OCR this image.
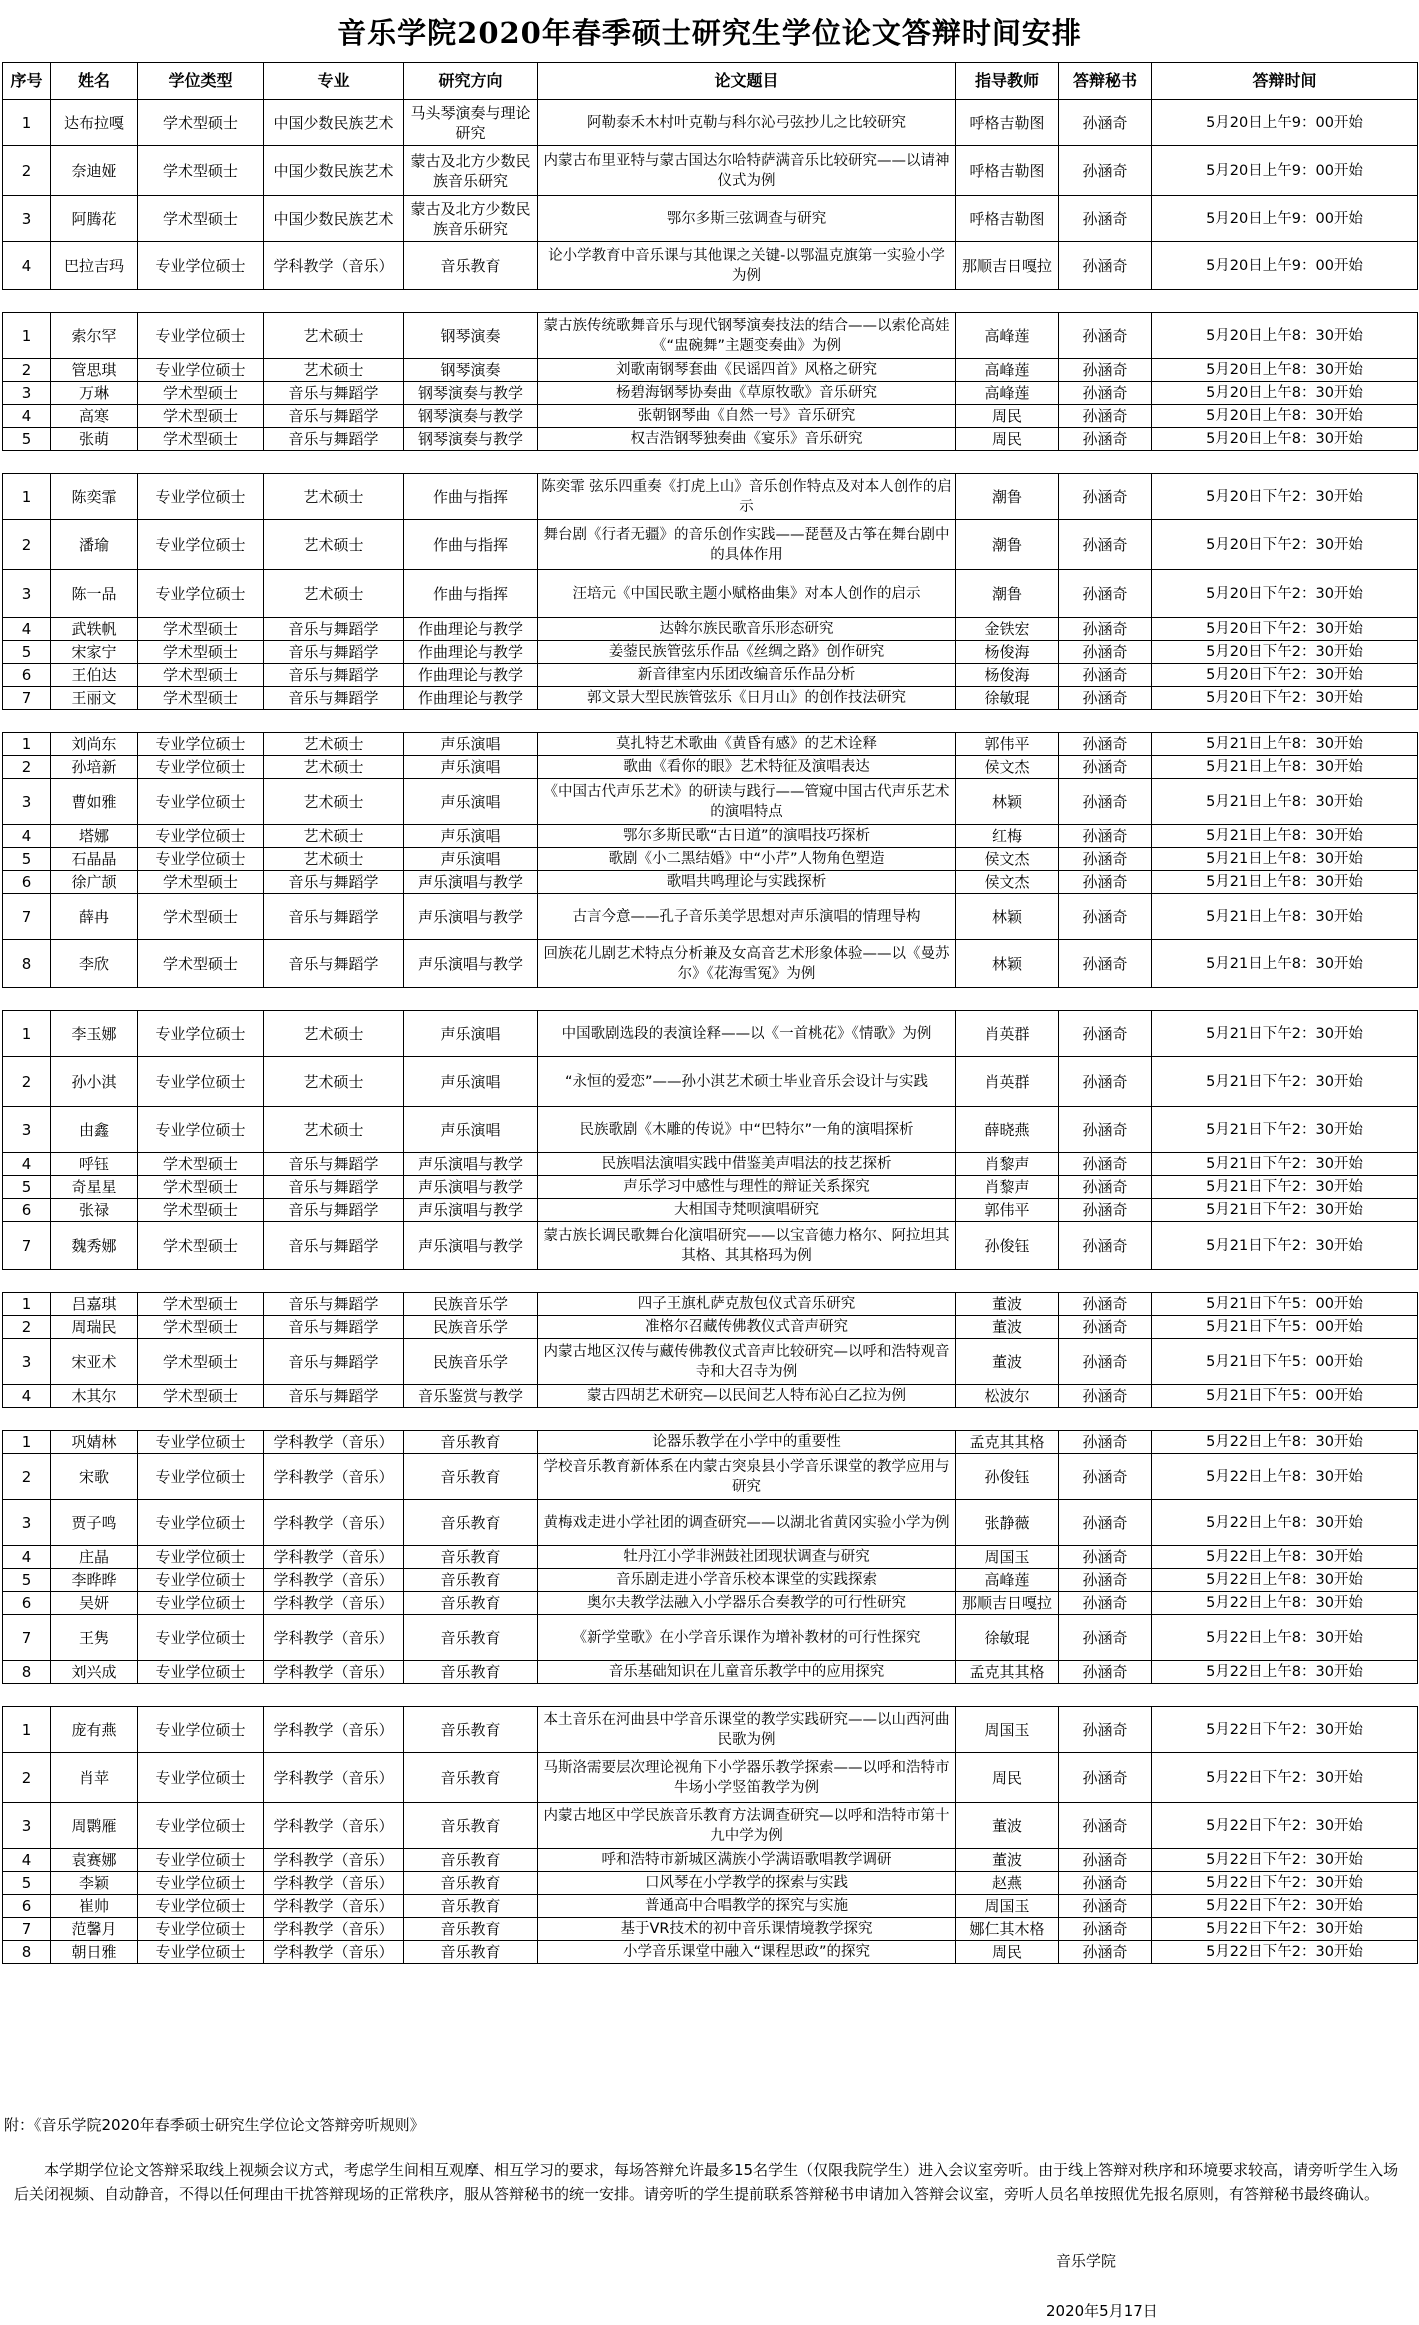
音乐学院2020年春季硕士研究生学位论文答辩时间安排
序号	姓名	学位类型	专业	研究方向	论文题目	指导教师	答辩秘书	答辩时间
1	达布拉嘎	学术型硕士	中国少数民族艺术	马头琴演奏与理论研究	阿勒泰禾木村叶克勒与科尔沁弓弦抄儿之比较研究	呼格吉勒图	孙涵奇	5月20日上午9：00开始
2	奈迪娅	学术型硕士	中国少数民族艺术	蒙古及北方少数民族音乐研究	内蒙古布里亚特与蒙古国达尔哈特萨满音乐比较研究——以请神仪式为例	呼格吉勒图	孙涵奇	5月20日上午9：00开始
3	阿腾花	学术型硕士	中国少数民族艺术	蒙古及北方少数民族音乐研究	鄂尔多斯三弦调查与研究	呼格吉勒图	孙涵奇	5月20日上午9：00开始
4	巴拉吉玛	专业学位硕士	学科教学（音乐）	音乐教育	论小学教育中音乐课与其他课之关键-以鄂温克旗第一实验小学为例	那顺吉日嘎拉	孙涵奇	5月20日上午9：00开始

1	索尔罕	专业学位硕士	艺术硕士	钢琴演奏	蒙古族传统歌舞音乐与现代钢琴演奏技法的结合——以索伦高娃《“盅碗舞”主题变奏曲》为例	高峰莲	孙涵奇	5月20日上午8：30开始
2	管思琪	专业学位硕士	艺术硕士	钢琴演奏	刘歌南钢琴套曲《民谣四首》风格之研究	高峰莲	孙涵奇	5月20日上午8：30开始
3	万琳	学术型硕士	音乐与舞蹈学	钢琴演奏与教学	杨碧海钢琴协奏曲《草原牧歌》音乐研究	高峰莲	孙涵奇	5月20日上午8：30开始
4	高寒	学术型硕士	音乐与舞蹈学	钢琴演奏与教学	张朝钢琴曲《自然一号》音乐研究	周民	孙涵奇	5月20日上午8：30开始
5	张萌	学术型硕士	音乐与舞蹈学	钢琴演奏与教学	权吉浩钢琴独奏曲《宴乐》音乐研究	周民	孙涵奇	5月20日上午8：30开始

1	陈奕霏	专业学位硕士	艺术硕士	作曲与指挥	陈奕霏 弦乐四重奏《打虎上山》音乐创作特点及对本人创作的启示	潮鲁	孙涵奇	5月20日下午2：30开始
2	潘瑜	专业学位硕士	艺术硕士	作曲与指挥	舞台剧《行者无疆》的音乐创作实践——琵琶及古筝在舞台剧中的具体作用	潮鲁	孙涵奇	5月20日下午2：30开始
3	陈一品	专业学位硕士	艺术硕士	作曲与指挥	汪培元《中国民歌主题小赋格曲集》对本人创作的启示	潮鲁	孙涵奇	5月20日下午2：30开始
4	武轶帆	学术型硕士	音乐与舞蹈学	作曲理论与教学	达斡尔族民歌音乐形态研究	金铁宏	孙涵奇	5月20日下午2：30开始
5	宋家宁	学术型硕士	音乐与舞蹈学	作曲理论与教学	姜蓥民族管弦乐作品《丝绸之路》创作研究	杨俊海	孙涵奇	5月20日下午2：30开始
6	王伯达	学术型硕士	音乐与舞蹈学	作曲理论与教学	新音律室内乐团改编音乐作品分析	杨俊海	孙涵奇	5月20日下午2：30开始
7	王丽文	学术型硕士	音乐与舞蹈学	作曲理论与教学	郭文景大型民族管弦乐《日月山》的创作技法研究	徐敏琨	孙涵奇	5月20日下午2：30开始

1	刘尚东	专业学位硕士	艺术硕士	声乐演唱	莫扎特艺术歌曲《黄昏有感》的艺术诠释	郭伟平	孙涵奇	5月21日上午8：30开始
2	孙培新	专业学位硕士	艺术硕士	声乐演唱	歌曲《看你的眼》艺术特征及演唱表达	侯文杰	孙涵奇	5月21日上午8：30开始
3	曹如雅	专业学位硕士	艺术硕士	声乐演唱	《中国古代声乐艺术》的研读与践行——管窥中国古代声乐艺术的演唱特点	林颖	孙涵奇	5月21日上午8：30开始
4	塔娜	专业学位硕士	艺术硕士	声乐演唱	鄂尔多斯民歌“古日道”的演唱技巧探析	红梅	孙涵奇	5月21日上午8：30开始
5	石晶晶	专业学位硕士	艺术硕士	声乐演唱	歌剧《小二黑结婚》中“小芹”人物角色塑造	侯文杰	孙涵奇	5月21日上午8：30开始
6	徐广颉	学术型硕士	音乐与舞蹈学	声乐演唱与教学	歌唱共鸣理论与实践探析	侯文杰	孙涵奇	5月21日上午8：30开始
7	薛冉	学术型硕士	音乐与舞蹈学	声乐演唱与教学	古言今意——孔子音乐美学思想对声乐演唱的情理导构	林颖	孙涵奇	5月21日上午8：30开始
8	李欣	学术型硕士	音乐与舞蹈学	声乐演唱与教学	回族花儿剧艺术特点分析兼及女高音艺术形象体验——以《曼苏尔》《花海雪冤》为例	林颖	孙涵奇	5月21日上午8：30开始

1	李玉娜	专业学位硕士	艺术硕士	声乐演唱	中国歌剧选段的表演诠释——以《一首桃花》《情歌》为例	肖英群	孙涵奇	5月21日下午2：30开始
2	孙小淇	专业学位硕士	艺术硕士	声乐演唱	“永恒的爱恋”——孙小淇艺术硕士毕业音乐会设计与实践	肖英群	孙涵奇	5月21日下午2：30开始
3	由鑫	专业学位硕士	艺术硕士	声乐演唱	民族歌剧《木雕的传说》中“巴特尔”一角的演唱探析	薛晓燕	孙涵奇	5月21日下午2：30开始
4	呼钰	学术型硕士	音乐与舞蹈学	声乐演唱与教学	民族唱法演唱实践中借鉴美声唱法的技艺探析	肖黎声	孙涵奇	5月21日下午2：30开始
5	奇星星	学术型硕士	音乐与舞蹈学	声乐演唱与教学	声乐学习中感性与理性的辩证关系探究	肖黎声	孙涵奇	5月21日下午2：30开始
6	张禄	学术型硕士	音乐与舞蹈学	声乐演唱与教学	大相国寺梵呗演唱研究	郭伟平	孙涵奇	5月21日下午2：30开始
7	魏秀娜	学术型硕士	音乐与舞蹈学	声乐演唱与教学	蒙古族长调民歌舞台化演唱研究——以宝音德力格尔、阿拉坦其其格、其其格玛为例	孙俊钰	孙涵奇	5月21日下午2：30开始

1	吕嘉琪	学术型硕士	音乐与舞蹈学	民族音乐学	四子王旗札萨克敖包仪式音乐研究	董波	孙涵奇	5月21日下午5：00开始
2	周瑞民	学术型硕士	音乐与舞蹈学	民族音乐学	准格尔召藏传佛教仪式音声研究	董波	孙涵奇	5月21日下午5：00开始
3	宋亚术	学术型硕士	音乐与舞蹈学	民族音乐学	内蒙古地区汉传与藏传佛教仪式音声比较研究—以呼和浩特观音寺和大召寺为例	董波	孙涵奇	5月21日下午5：00开始
4	木其尔	学术型硕士	音乐与舞蹈学	音乐鉴赏与教学	蒙古四胡艺术研究—以民间艺人特布沁白乙拉为例	松波尔	孙涵奇	5月21日下午5：00开始

1	巩婧林	专业学位硕士	学科教学（音乐）	音乐教育	论器乐教学在小学中的重要性	孟克其其格	孙涵奇	5月22日上午8：30开始
2	宋歌	专业学位硕士	学科教学（音乐）	音乐教育	学校音乐教育新体系在内蒙古突泉县小学音乐课堂的教学应用与研究	孙俊钰	孙涵奇	5月22日上午8：30开始
3	贾子鸣	专业学位硕士	学科教学（音乐）	音乐教育	黄梅戏走进小学社团的调查研究——以湖北省黄冈实验小学为例	张静薇	孙涵奇	5月22日上午8：30开始
4	庄晶	专业学位硕士	学科教学（音乐）	音乐教育	牡丹江小学非洲鼓社团现状调查与研究	周国玉	孙涵奇	5月22日上午8：30开始
5	李晔晔	专业学位硕士	学科教学（音乐）	音乐教育	音乐剧走进小学音乐校本课堂的实践探索	高峰莲	孙涵奇	5月22日上午8：30开始
6	吴妍	专业学位硕士	学科教学（音乐）	音乐教育	奥尔夫教学法融入小学器乐合奏教学的可行性研究	那顺吉日嘎拉	孙涵奇	5月22日上午8：30开始
7	王隽	专业学位硕士	学科教学（音乐）	音乐教育	《新学堂歌》在小学音乐课作为增补教材的可行性探究	徐敏琨	孙涵奇	5月22日上午8：30开始
8	刘兴成	专业学位硕士	学科教学（音乐）	音乐教育	音乐基础知识在儿童音乐教学中的应用探究	孟克其其格	孙涵奇	5月22日上午8：30开始

1	庞有燕	专业学位硕士	学科教学（音乐）	音乐教育	本土音乐在河曲县中学音乐课堂的教学实践研究——以山西河曲民歌为例	周国玉	孙涵奇	5月22日下午2：30开始
2	肖苹	专业学位硕士	学科教学（音乐）	音乐教育	马斯洛需要层次理论视角下小学器乐教学探索——以呼和浩特市牛场小学竖笛教学为例	周民	孙涵奇	5月22日下午2：30开始
3	周鹮雁	专业学位硕士	学科教学（音乐）	音乐教育	内蒙古地区中学民族音乐教育方法调查研究—以呼和浩特市第十九中学为例	董波	孙涵奇	5月22日下午2：30开始
4	袁赛娜	专业学位硕士	学科教学（音乐）	音乐教育	呼和浩特市新城区满族小学满语歌唱教学调研	董波	孙涵奇	5月22日下午2：30开始
5	李颖	专业学位硕士	学科教学（音乐）	音乐教育	口风琴在小学教学的探索与实践	赵燕	孙涵奇	5月22日下午2：30开始
6	崔帅	专业学位硕士	学科教学（音乐）	音乐教育	普通高中合唱教学的探究与实施	周国玉	孙涵奇	5月22日下午2：30开始
7	范馨月	专业学位硕士	学科教学（音乐）	音乐教育	基于VR技术的初中音乐课情境教学探究	娜仁其木格	孙涵奇	5月22日下午2：30开始
8	朝日雅	专业学位硕士	学科教学（音乐）	音乐教育	小学音乐课堂中融入“课程思政”的探究	周民	孙涵奇	5月22日下午2：30开始
附：《音乐学院2020年春季硕士研究生学位论文答辩旁听规则》
本学期学位论文答辩采取线上视频会议方式，考虑学生间相互观摩、相互学习的要求，每场答辩允许最多15名学生（仅限我院学生）进入会议室旁听。由于线上答辩对秩序和环境要求较高，请旁听学生入场后关闭视频、自动静音，不得以任何理由干扰答辩现场的正常秩序，服从答辩秘书的统一安排。请旁听的学生提前联系答辩秘书申请加入答辩会议室，旁听人员名单按照优先报名原则，有答辩秘书最终确认。
音乐学院
2020年5月17日
